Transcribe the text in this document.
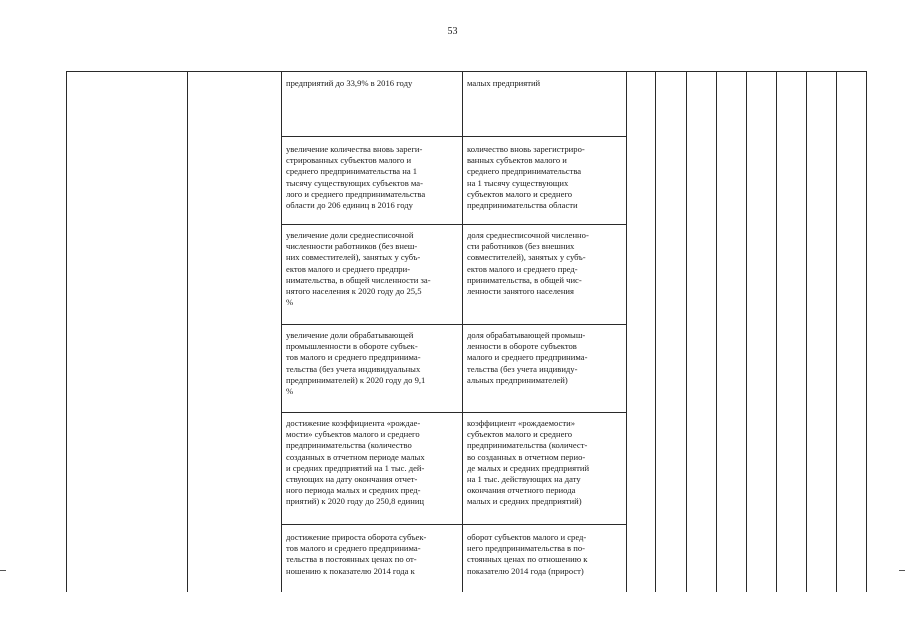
53
предприятий до 33,9% в 2016 году	малых предприятий
увеличение количества вновь зареги-
стрированных субъектов малого и
среднего предпринимательства на 1
тысячу существующих субъектов ма-
лого и среднего предпринимательства
области до 206 единиц в 2016 году
количество вновь зарегистриро-
ванных субъектов малого и
среднего предпринимательства
на 1 тысячу существующих
субъектов малого и среднего
предпринимательства области
увеличение доли среднесписочной
численности работников (без внеш-
них совместителей), занятых у субъ-
ектов малого и среднего предпри-
нимательства, в общей численности за-
нятого населения к 2020 году до 25,5
%
доля среднесписочной численно-
сти работников (без внешних
совместителей), занятых у субъ-
ектов малого и среднего пред-
принимательства, в общей чис-
ленности занятого населения
увеличение доли обрабатывающей
промышленности в обороте субъек-
тов малого и среднего предпринима-
тельства (без учета индивидуальных
предпринимателей) к 2020 году до 9,1
%
доля обрабатывающей промыш-
ленности в обороте субъектов
малого и среднего предпринима-
тельства (без учета индивиду-
альных предпринимателей)
достижение коэффициента «рождае-
мости» субъектов малого и среднего
предпринимательства (количество
созданных в отчетном периоде малых
и средних предприятий на 1 тыс. дей-
ствующих на дату окончания отчет-
ного периода малых и средних пред-
приятий) к 2020 году до 250,8 единиц
коэффициент «рождаемости»
субъектов малого и среднего
предпринимательства (количест-
во созданных в отчетном перио-
де малых и средних предприятий
на 1 тыс. действующих на дату
окончания отчетного периода
малых и средних предприятий)
достижение прироста оборота субъек-
тов малого и среднего предпринима-
тельства в постоянных ценах по от-
ношению к показателю 2014 года к
оборот субъектов малого и сред-
него предпринимательства в по-
стоянных ценах по отношению к
показателю 2014 года (прирост)
